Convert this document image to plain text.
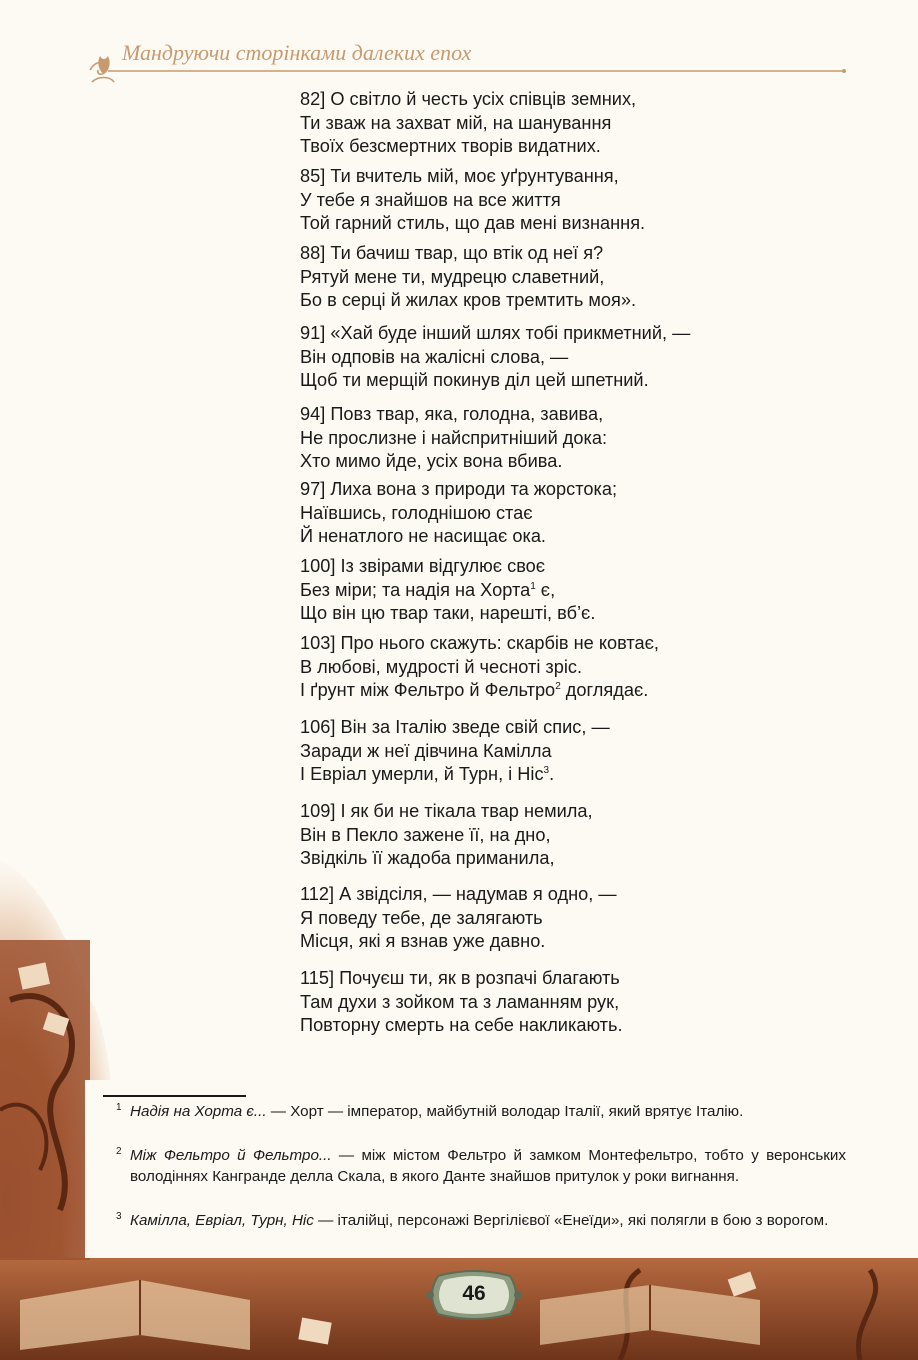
Мандруючи сторінками далеких епох
82] О світло й честь усіх співців земних,
Ти зваж на захват мій, на шанування
Твоїх безсмертних творів видатних.
85] Ти вчитель мій, моє уґрунтування,
У тебе я знайшов на все життя
Той гарний стиль, що дав мені визнання.
88] Ти бачиш твар, що втік од неї я?
Рятуй мене ти, мудрецю славетний,
Бо в серці й жилах кров тремтить моя».
91] «Хай буде інший шлях тобі прикметний, —
Він одповів на жалісні слова, —
Щоб ти мерщій покинув діл цей шпетний.
94] Повз твар, яка, голодна, завива,
Не прослизне і найспритніший дока:
Хто мимо йде, усіх вона вбива.
97] Лиха вона з природи та жорстока;
Наївшись, голоднішою стає
Й ненатлого не насищає ока.
100] Із звірами відгулює своє
Без міри; та надія на Хорта$^1$ є,
Що він цю твар таки, нарешті, вб’є.
103] Про нього скажуть: скарбів не ковтає,
В любові, мудрості й чесноті зріс.
І ґрунт між Фельтро й Фельтро$^2$ доглядає.
106] Він за Італію зведе свій спис, —
Заради ж неї дівчина Камілла
І Евріал умерли, й Турн, і Ніс$^3$.
109] І як би не тікала твар немила,
Він в Пекло зажене її, на дно,
Звідкіль її жадоба приманила,
112] А звідсіля, — надумав я одно, —
Я поведу тебе, де залягають
Місця, які я взнав уже давно.
115] Почуєш ти, як в розпачі благають
Там духи з зойком та з ламанням рук,
Повторну смерть на себе накликають.
1 Надія на Хорта є... — Хорт — імператор, майбутній володар Італії, який врятує Італію.
2 Між Фельтро й Фельтро... — між містом Фельтро й замком Монтефельтро, тобто у веронських володіннях Кангранде делла Скала, в якого Данте знайшов притулок у роки вигнання.
3 Камілла, Евріал, Турн, Ніс — італійці, персонажі Вергілієвої «Енеїди», які полягли в бою з ворогом.
46
